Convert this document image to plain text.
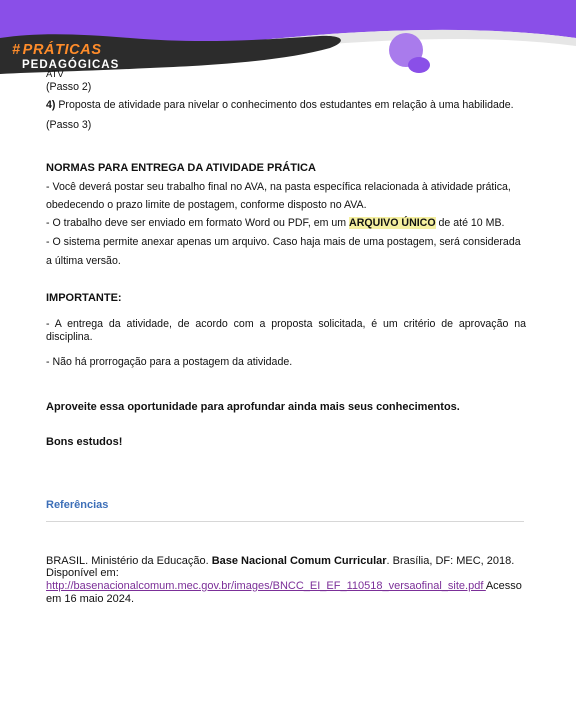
# PRÁTICAS
PEDAGÓGICAS
ATV
(Passo 2)
4) Proposta de atividade para nivelar o conhecimento dos estudantes em relação à uma habilidade.
(Passo 3)
NORMAS PARA ENTREGA DA ATIVIDADE PRÁTICA
- Você deverá postar seu trabalho final no AVA, na pasta específica relacionada à atividade prática,
obedecendo o prazo limite de postagem, conforme disposto no AVA.
- O trabalho deve ser enviado em formato Word ou PDF, em um ARQUIVO ÚNICO de até 10 MB.
- O sistema permite anexar apenas um arquivo. Caso haja mais de uma postagem, será considerada
a última versão.
IMPORTANTE:
- A entrega da atividade, de acordo com a proposta solicitada, é um critério de aprovação na disciplina.
- Não há prorrogação para a postagem da atividade.
Aproveite essa oportunidade para aprofundar ainda mais seus conhecimentos.
Bons estudos!
Referências
BRASIL. Ministério da Educação. Base Nacional Comum Curricular. Brasília, DF: MEC, 2018.
Disponível em:
http://basenacionalcomum.mec.gov.br/images/BNCC_EI_EF_110518_versaofinal_site.pdf Acesso
em 16 maio 2024.
